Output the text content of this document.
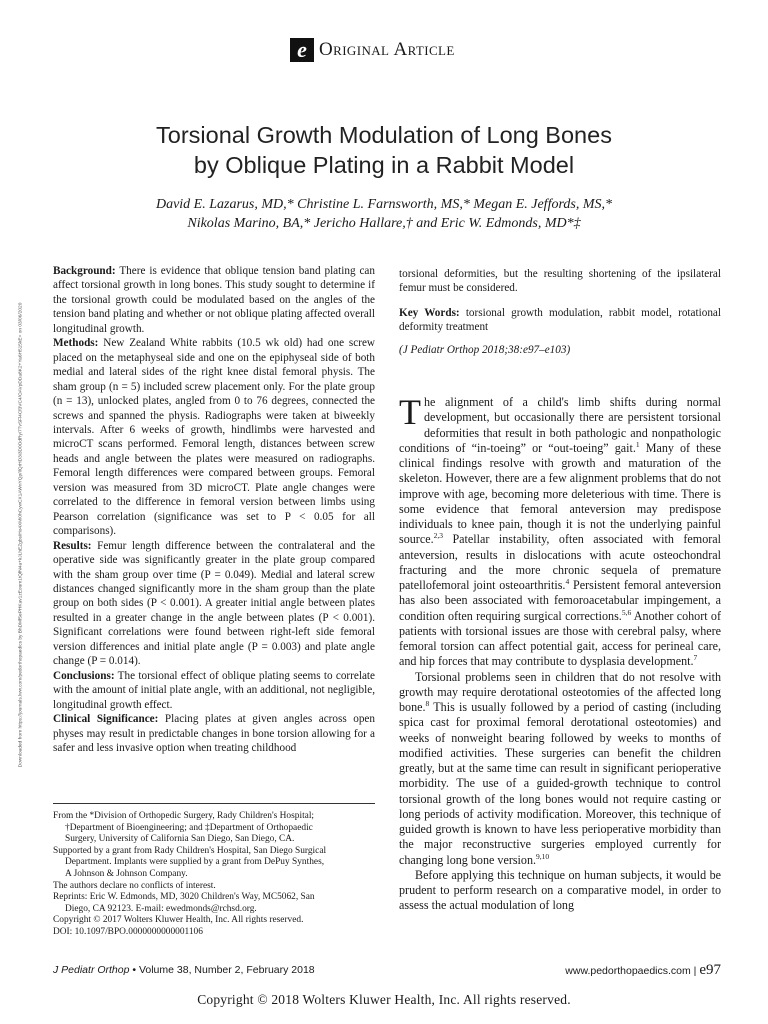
e Original Article
Downloaded from https://journals.lww.com/pedorthopaedics by BhDMf5ePHKav1zEoum1tQfN4a+kJLhEZgbsIHo4XMi0hCywCX1AWnYQp/IlQrHD3i3D0OdRyi7TvSFl4Cf3VC4/OAVpDDa8K2+Ya6H515kE= on 03/06/2020
Torsional Growth Modulation of Long Bones
by Oblique Plating in a Rabbit Model
David E. Lazarus, MD,* Christine L. Farnsworth, MS,* Megan E. Jeffords, MS,*
Nikolas Marino, BA,* Jericho Hallare,† and Eric W. Edmonds, MD*‡

Background: There is evidence that oblique tension band plating can affect torsional growth in long bones. This study sought to determine if the torsional growth could be modulated based on the angles of the tension band plating and whether or not oblique plating affected overall longitudinal growth.

Methods: New Zealand White rabbits (10.5 wk old) had one screw placed on the metaphyseal side and one on the epiphyseal side of both medial and lateral sides of the right knee distal femoral physis. The sham group (n = 5) included screw placement only. For the plate group (n = 13), unlocked plates, angled from 0 to 76 degrees, connected the screws and spanned the physis. Radiographs were taken at biweekly intervals. After 6 weeks of growth, hindlimbs were harvested and microCT scans performed. Femoral length, distances between screw heads and angle between the plates were measured on radiographs. Femoral length differences were compared between groups. Femoral version was measured from 3D microCT. Plate angle changes were correlated to the difference in femoral version between limbs using Pearson correlation (significance was set to P < 0.05 for all comparisons).

Results: Femur length difference between the contralateral and the operative side was significantly greater in the plate group compared with the sham group over time (P = 0.049). Medial and lateral screw distances changed significantly more in the sham group than the plate group on both sides (P < 0.001). A greater initial angle between plates resulted in a greater change in the angle between plates (P < 0.001). Significant correlations were found between right-left side femoral version differences and initial plate angle (P = 0.003) and plate angle change (P = 0.014).

Conclusions: The torsional effect of oblique plating seems to correlate with the amount of initial plate angle, with an additional, not negligible, longitudinal growth effect.

Clinical Significance: Placing plates at given angles across open physes may result in predictable changes in bone torsion allowing for a safer and less invasive option when treating childhood

From the *Division of Orthopedic Surgery, Rady Children's Hospital;

†Department of Bioengineering; and ‡Department of Orthopaedic

Surgery, University of California San Diego, San Diego, CA.

Supported by a grant from Rady Children's Hospital, San Diego Surgical

Department. Implants were supplied by a grant from DePuy Synthes,

A Johnson & Johnson Company.

The authors declare no conflicts of interest.

Reprints: Eric W. Edmonds, MD, 3020 Children's Way, MC5062, San

Diego, CA 92123. E-mail: ewedmonds@rchsd.org.

Copyright © 2017 Wolters Kluwer Health, Inc. All rights reserved.

DOI: 10.1097/BPO.0000000000001106

torsional deformities, but the resulting shortening of the ipsilateral femur must be considered.

Key Words: torsional growth modulation, rabbit model, rotational deformity treatment
(J Pediatr Orthop 2018;38:e97–e103)

The alignment of a child's limb shifts during normal development, but occasionally there are persistent torsional deformities that result in both pathologic and nonpathologic conditions of “in-toeing” or “out-toeing” gait.$^1$ Many of these clinical findings resolve with growth and maturation of the skeleton. However, there are a few alignment problems that do not improve with age, becoming more deleterious with time. There is some evidence that femoral anteversion may predispose individuals to knee pain, though it is not the underlying painful source.$^{2,3}$ Patellar instability, often associated with femoral anteversion, results in dislocations with acute osteochondral fracturing and the more chronic sequela of premature patellofemoral joint osteoarthritis.$^4$ Persistent femoral anteversion has also been associated with femoroacetabular impingement, a condition often requiring surgical corrections.$^{5,6}$ Another cohort of patients with torsional issues are those with cerebral palsy, where femoral torsion can affect potential gait, access for perineal care, and hip forces that may contribute to dysplasia development.$^7$

Torsional problems seen in children that do not resolve with growth may require derotational osteotomies of the affected long bone.$^8$ This is usually followed by a period of casting (including spica cast for proximal femoral derotational osteotomies) and weeks of nonweight bearing followed by weeks to months of modified activities. These surgeries can benefit the children greatly, but at the same time can result in significant perioperative morbidity. The use of a guided-growth technique to control torsional growth of the long bones would not require casting or long periods of activity modification. Moreover, this technique of guided growth is known to have less perioperative morbidity than the major reconstructive surgeries employed currently for changing long bone version.$^{9,10}$

Before applying this technique on human subjects, it would be prudent to perform research on a comparative model, in order to assess the actual modulation of long

J Pediatr Orthop • Volume 38, Number 2, February 2018	www.pedorthopaedics.com | e97
Copyright © 2018 Wolters Kluwer Health, Inc. All rights reserved.
